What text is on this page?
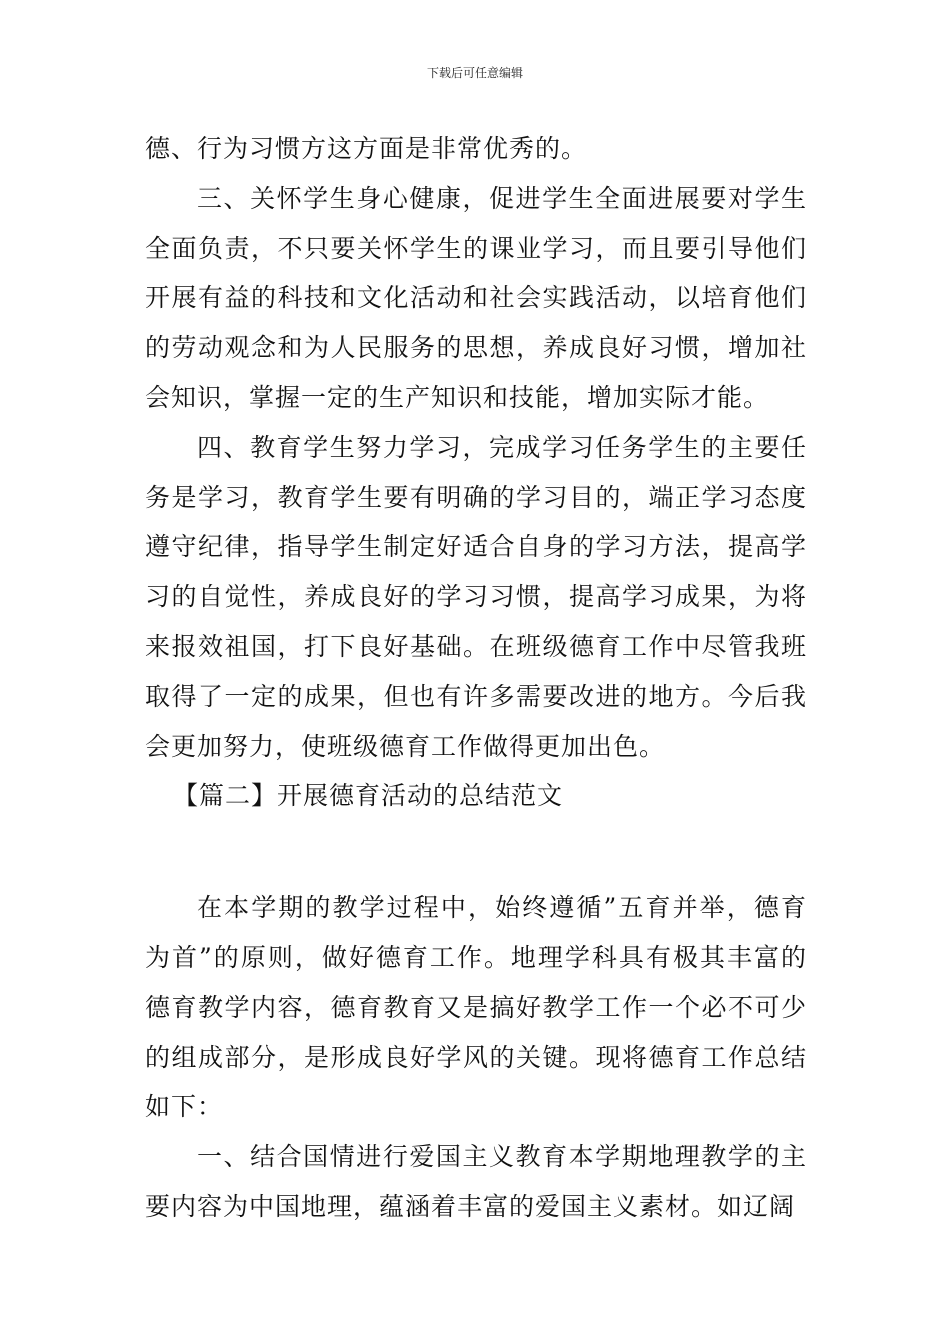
下载后可任意编辑

德、行为习惯方这方面是非常优秀的。

三、关怀学生身心健康，促进学生全面进展要对学生全面负责，不只要关怀学生的课业学习，而且要引导他们开展有益的科技和文化活动和社会实践活动，以培育他们的劳动观念和为人民服务的思想，养成良好习惯，增加社会知识，掌握一定的生产知识和技能，增加实际才能。

四、教育学生努力学习，完成学习任务学生的主要任务是学习，教育学生要有明确的学习目的，端正学习态度遵守纪律，指导学生制定好适合自身的学习方法，提高学习的自觉性，养成良好的学习习惯，提高学习成果，为将来报效祖国，打下良好基础。在班级德育工作中尽管我班取得了一定的成果，但也有许多需要改进的地方。今后我会更加努力，使班级德育工作做得更加出色。

【篇二】开展德育活动的总结范文

在本学期的教学过程中，始终遵循”五育并举，德育为首”的原则，做好德育工作。地理学科具有极其丰富的德育教学内容，德育教育又是搞好教学工作一个必不可少的组成部分，是形成良好学风的关键。现将德育工作总结如下：

一、结合国情进行爱国主义教育本学期地理教学的主要内容为中国地理，蕴涵着丰富的爱国主义素材。如辽阔
